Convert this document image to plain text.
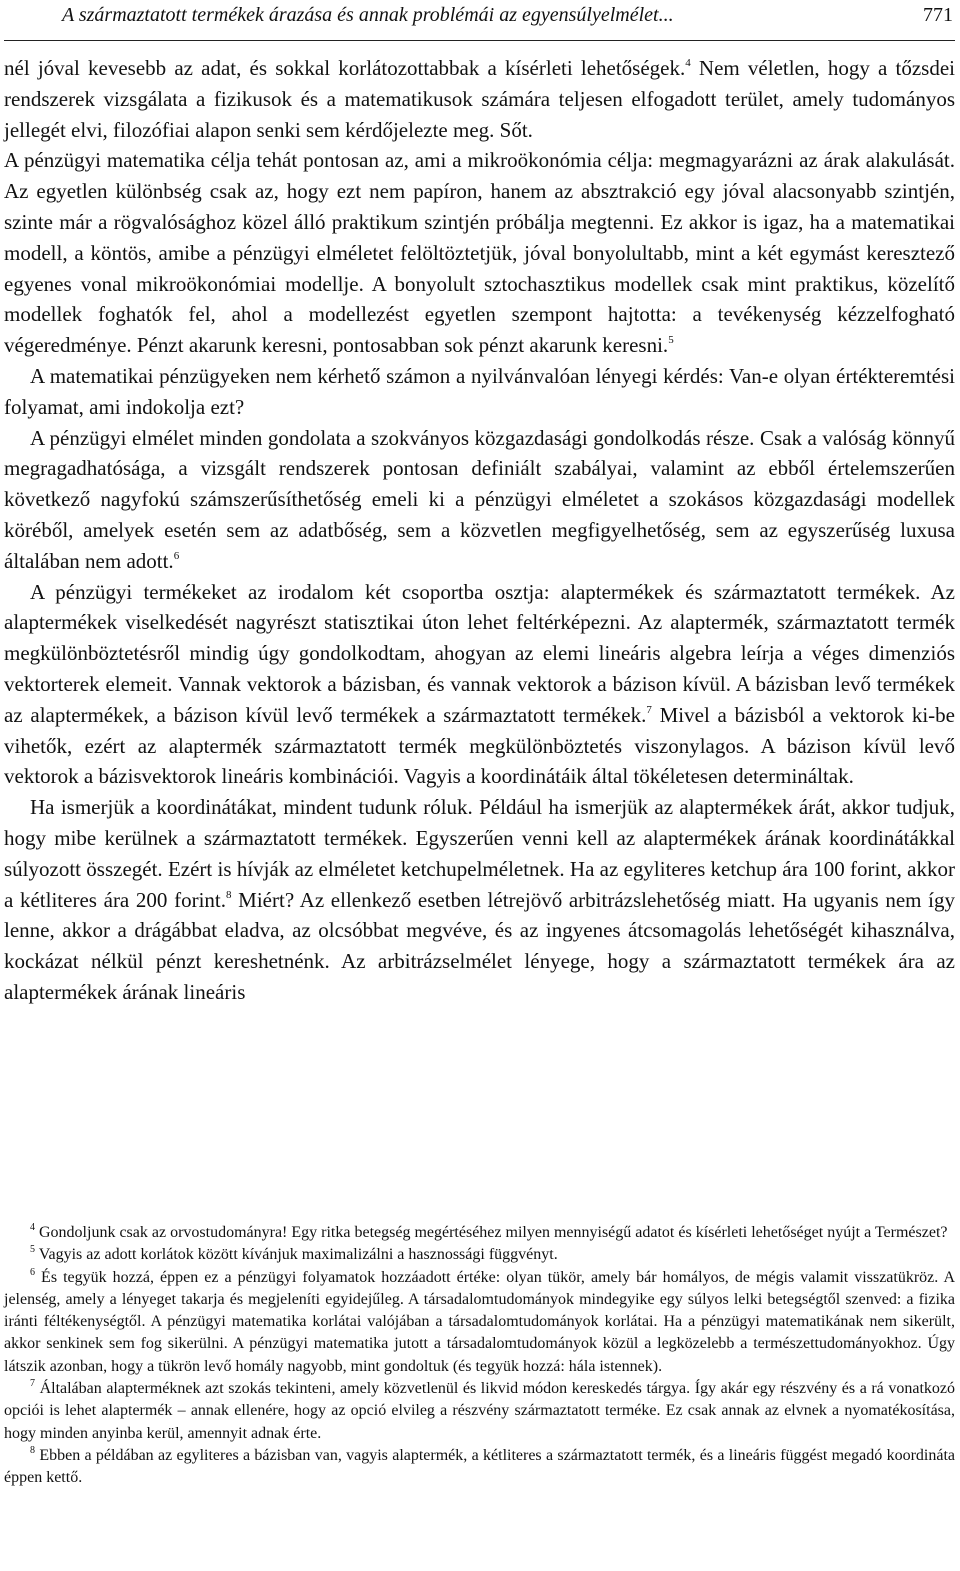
A származtatott termékek árazása és annak problémái az egyensúlyelmélet...	771

nél jóval kevesebb az adat, és sokkal korlátozottabbak a kísérleti lehetőségek.$^4$ Nem véletlen, hogy a tőzsdei rendszerek vizsgálata a fizikusok és a matematikusok számára teljesen elfogadott terület, amely tudományos jellegét elvi, filozófiai alapon senki sem kérdőjelezte meg. Sőt.

A pénzügyi matematika célja tehát pontosan az, ami a mikroökonómia célja: megmagyarázni az árak alakulását. Az egyetlen különbség csak az, hogy ezt nem papíron, hanem az absztrakció egy jóval alacsonyabb szintjén, szinte már a rögvalósághoz közel álló praktikum szintjén próbálja megtenni. Ez akkor is igaz, ha a matematikai modell, a köntös, amibe a pénzügyi elméletet felöltöztetjük, jóval bonyolultabb, mint a két egymást keresztező egyenes vonal mikroökonómiai modellje. A bonyolult sztochasztikus modellek csak mint praktikus, közelítő modellek foghatók fel, ahol a modellezést egyetlen szempont hajtotta: a tevékenység kézzelfogható végeredménye. Pénzt akarunk keresni, pontosabban sok pénzt akarunk keresni.$^5$

A matematikai pénzügyeken nem kérhető számon a nyilvánvalóan lényegi kérdés: Van-e olyan értékteremtési folyamat, ami indokolja ezt?

A pénzügyi elmélet minden gondolata a szokványos közgazdasági gondolkodás része. Csak a valóság könnyű megragadhatósága, a vizsgált rendszerek pontosan definiált szabályai, valamint az ebből értelemszerűen következő nagyfokú számszerűsíthetőség emeli ki a pénzügyi elméletet a szokásos közgazdasági modellek köréből, amelyek esetén sem az adatbőség, sem a közvetlen megfigyelhetőség, sem az egyszerűség luxusa általában nem adott.$^6$

A pénzügyi termékeket az irodalom két csoportba osztja: alaptermékek és származtatott termékek. Az alaptermékek viselkedését nagyrészt statisztikai úton lehet feltérképezni. Az alaptermék, származtatott termék megkülönböztetésről mindig úgy gondolkodtam, ahogyan az elemi lineáris algebra leírja a véges dimenziós vektorterek elemeit. Vannak vektorok a bázisban, és vannak vektorok a bázison kívül. A bázisban levő termékek az alaptermékek, a bázison kívül levő termékek a származtatott termékek.$^7$ Mivel a bázisból a vektorok ki-be vihetők, ezért az alaptermék származtatott termék megkülönböztetés viszonylagos. A bázison kívül levő vektorok a bázisvektorok lineáris kombinációi. Vagyis a koordinátáik által tökéletesen determináltak.

Ha ismerjük a koordinátákat, mindent tudunk róluk. Például ha ismerjük az alaptermékek árát, akkor tudjuk, hogy mibe kerülnek a származtatott termékek. Egyszerűen venni kell az alaptermékek árának koordinátákkal súlyozott összegét. Ezért is hívják az elméletet ketchupelméletnek. Ha az egyliteres ketchup ára 100 forint, akkor a kétliteres ára 200 forint.$^8$ Miért? Az ellenkező esetben létrejövő arbitrázslehetőség miatt. Ha ugyanis nem így lenne, akkor a drágábbat eladva, az olcsóbbat megvéve, és az ingyenes átcsomagolás lehetőségét kihasználva, kockázat nélkül pénzt kereshetnénk. Az arbitrázselmélet lényege, hogy a származtatott termékek ára az alaptermékek árának lineáris

$^4$ Gondoljunk csak az orvostudományra! Egy ritka betegség megértéséhez milyen mennyiségű adatot és kísérleti lehetőséget nyújt a Természet?

$^5$ Vagyis az adott korlátok között kívánjuk maximalizálni a hasznossági függvényt.

$^6$ És tegyük hozzá, éppen ez a pénzügyi folyamatok hozzáadott értéke: olyan tükör, amely bár homályos, de mégis valamit visszatükröz. A jelenség, amely a lényeget takarja és megjeleníti egyidejűleg. A társadalomtudományok mindegyike egy súlyos lelki betegségtől szenved: a fizika iránti féltékenységtől. A pénzügyi matematika korlátai valójában a társadalomtudományok korlátai. Ha a pénzügyi matematikának nem sikerült, akkor senkinek sem fog sikerülni. A pénzügyi matematika jutott a társadalomtudományok közül a legközelebb a természettudományokhoz. Úgy látszik azonban, hogy a tükrön levő homály nagyobb, mint gondoltuk (és tegyük hozzá: hála istennek).

$^7$ Általában alapterméknek azt szokás tekinteni, amely közvetlenül és likvid módon kereskedés tárgya. Így akár egy részvény és a rá vonatkozó opciói is lehet alaptermék – annak ellenére, hogy az opció elvileg a részvény származtatott terméke. Ez csak annak az elvnek a nyomatékosítása, hogy minden anyinba kerül, amennyit adnak érte.

$^8$ Ebben a példában az egyliteres a bázisban van, vagyis alaptermék, a kétliteres a származtatott termék, és a lineáris függést megadó koordináta éppen kettő.
